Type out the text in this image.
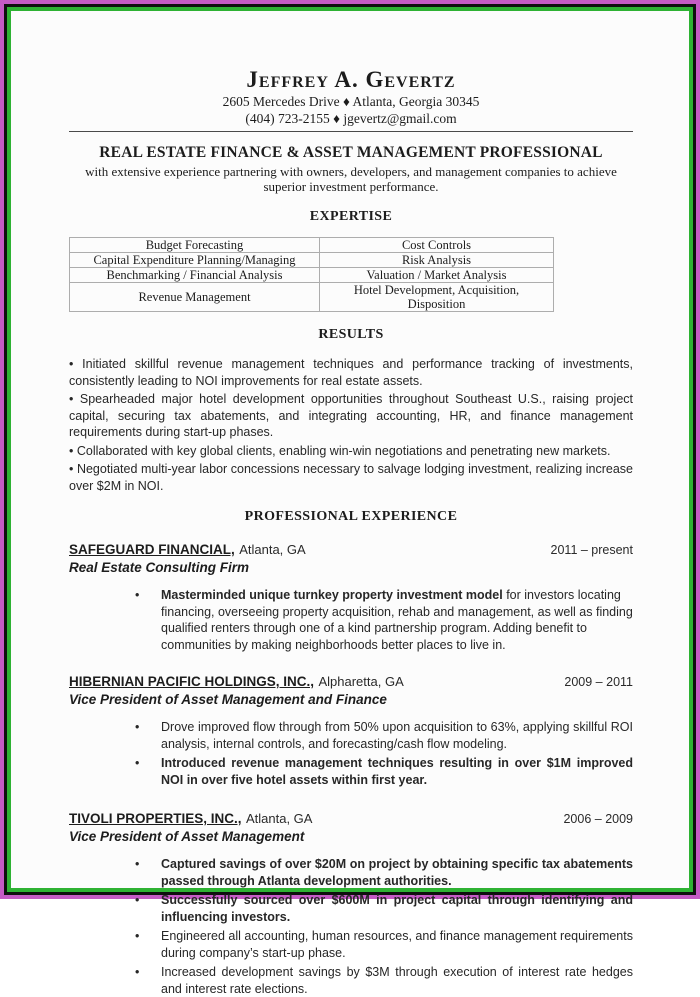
Jeffrey A. Gevertz
2605 Mercedes Drive ♦ Atlanta, Georgia 30345
(404) 723-2155 ♦ jgevertz@gmail.com
REAL ESTATE FINANCE & ASSET MANAGEMENT PROFESSIONAL
with extensive experience partnering with owners, developers, and management companies to achieve superior investment performance.
EXPERTISE
Budget Forecasting	Cost Controls
Capital Expenditure Planning/Managing	Risk Analysis
Benchmarking / Financial Analysis	Valuation / Market Analysis
Revenue Management	Hotel Development, Acquisition, Disposition
RESULTS
• Initiated skillful revenue management techniques and performance tracking of investments, consistently leading to NOI improvements for real estate assets.
• Spearheaded major hotel development opportunities throughout Southeast U.S., raising project capital, securing tax abatements, and integrating accounting, HR, and finance management requirements during start-up phases.
• Collaborated with key global clients, enabling win-win negotiations and penetrating new markets.
• Negotiated multi-year labor concessions necessary to salvage lodging investment, realizing increase over $2M in NOI.
PROFESSIONAL EXPERIENCE
SAFEGUARD FINANCIAL, Atlanta, GA	2011 – present
Real Estate Consulting Firm
• Masterminded unique turnkey property investment model for investors locating financing, overseeing property acquisition, rehab and management, as well as finding qualified renters through one of a kind partnership program. Adding benefit to communities by making neighborhoods better places to live in.
HIBERNIAN PACIFIC HOLDINGS, INC., Alpharetta, GA	2009 – 2011
Vice President of Asset Management and Finance
• Drove improved flow through from 50% upon acquisition to 63%, applying skillful ROI analysis, internal controls, and forecasting/cash flow modeling.
• Introduced revenue management techniques resulting in over $1M improved NOI in over five hotel assets within first year.
TIVOLI PROPERTIES, INC., Atlanta, GA	2006 – 2009
Vice President of Asset Management
• Captured savings of over $20M on project by obtaining specific tax abatements passed through Atlanta development authorities.
• Successfully sourced over $600M in project capital through identifying and influencing investors.
• Engineered all accounting, human resources, and finance management requirements during company’s start-up phase.
• Increased development savings by $3M through execution of interest rate hedges and interest rate elections.
